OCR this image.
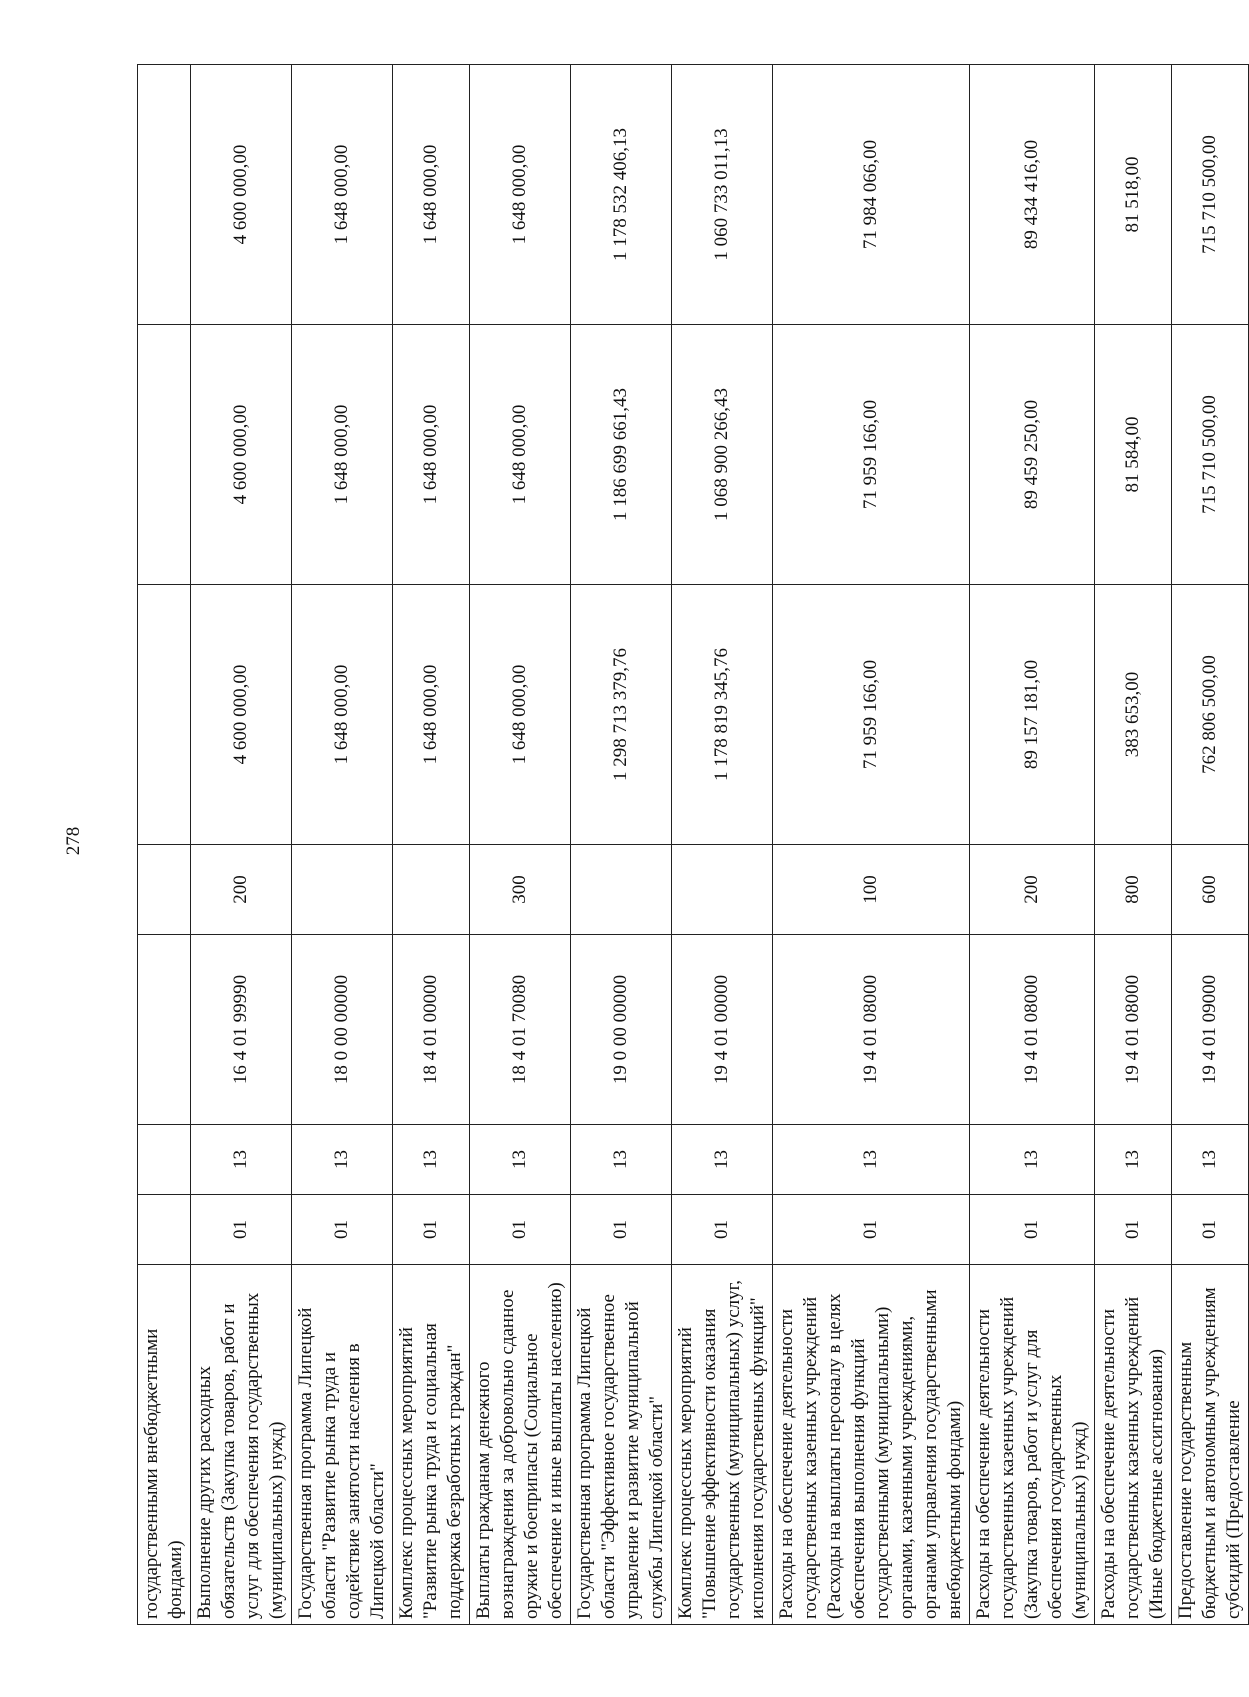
278
государственными внебюджетными фондами)							
Выполнение других расходных обязательств (Закупка товаров, работ и услуг для обеспечения государственных (муниципальных) нужд)	01	13	16 4 01 99990	200	4 600 000,00	4 600 000,00	4 600 000,00
Государственная программа Липецкой области "Развитие рынка труда и содействие занятости населения в Липецкой области"	01	13	18 0 00 00000		1 648 000,00	1 648 000,00	1 648 000,00
Комплекс процессных мероприятий "Развитие рынка труда и социальная поддержка безработных граждан"	01	13	18 4 01 00000		1 648 000,00	1 648 000,00	1 648 000,00
Выплаты гражданам денежного вознаграждения за добровольно сданное оружие и боеприпасы (Социальное обеспечение и иные выплаты населению)	01	13	18 4 01 70080	300	1 648 000,00	1 648 000,00	1 648 000,00
Государственная программа Липецкой области "Эффективное государственное управление и развитие муниципальной службы Липецкой области"	01	13	19 0 00 00000		1 298 713 379,76	1 186 699 661,43	1 178 532 406,13
Комплекс процессных мероприятий "Повышение эффективности оказания государственных (муниципальных) услуг, исполнения государственных функций"	01	13	19 4 01 00000		1 178 819 345,76	1 068 900 266,43	1 060 733 011,13
Расходы на обеспечение деятельности государственных казенных учреждений (Расходы на выплаты персоналу в целях обеспечения выполнения функций государственными (муниципальными) органами, казенными учреждениями, органами управления государственными внебюджетными фондами)	01	13	19 4 01 08000	100	71 959 166,00	71 959 166,00	71 984 066,00
Расходы на обеспечение деятельности государственных казенных учреждений (Закупка товаров, работ и услуг для обеспечения государственных (муниципальных) нужд)	01	13	19 4 01 08000	200	89 157 181,00	89 459 250,00	89 434 416,00
Расходы на обеспечение деятельности государственных казенных учреждений (Иные бюджетные ассигнования)	01	13	19 4 01 08000	800	383 653,00	81 584,00	81 518,00
Предоставление государственным бюджетным и автономным учреждениям субсидий (Предоставление	01	13	19 4 01 09000	600	762 806 500,00	715 710 500,00	715 710 500,00
